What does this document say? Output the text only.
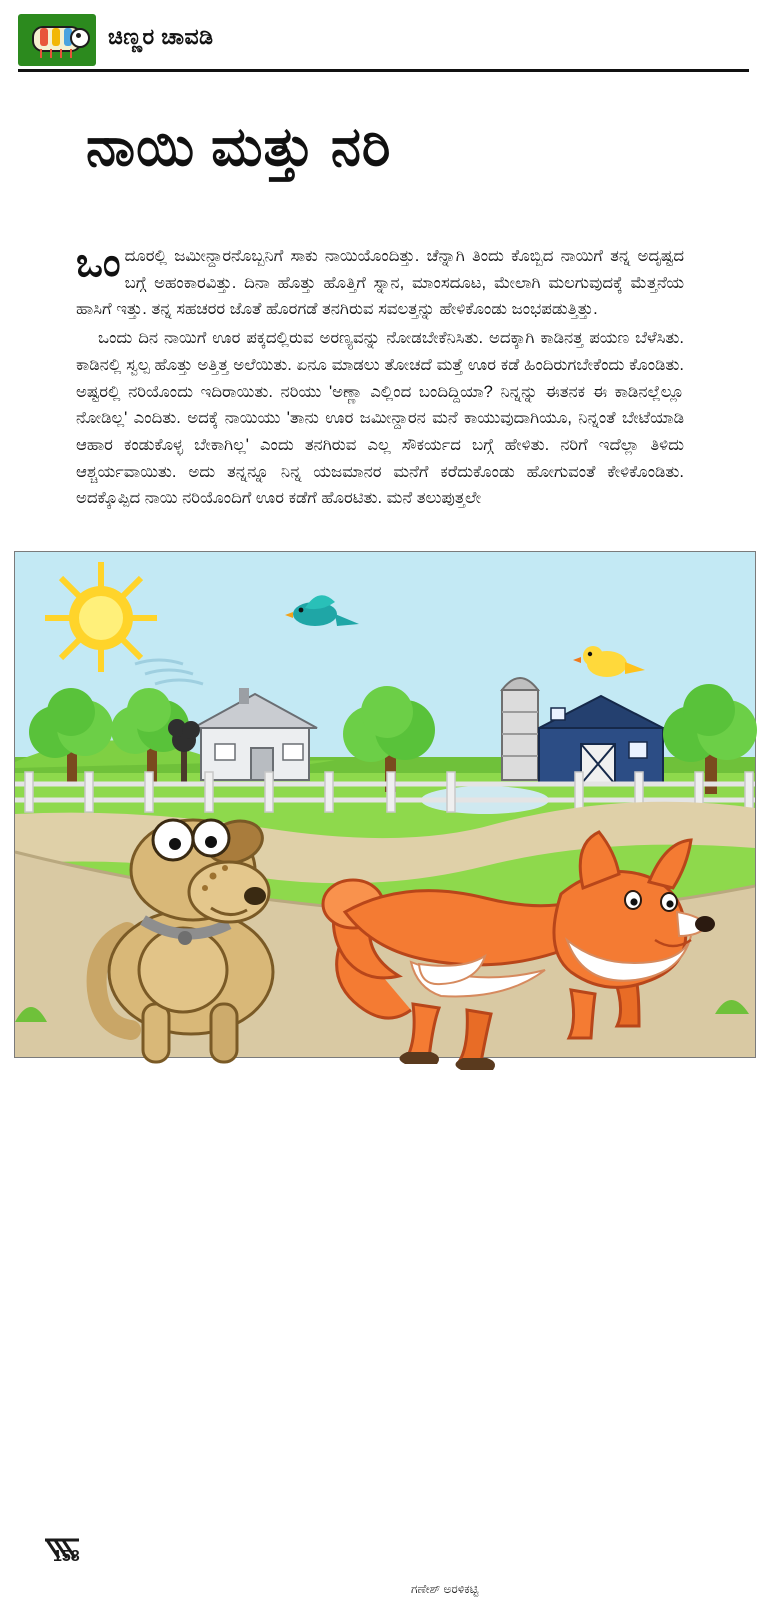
ಚಿಣ್ಣರ ಚಾವಡಿ
ನಾಯಿ ಮತ್ತು ನರಿ

ಒಂದೂರಲ್ಲಿ ಜಮೀನ್ದಾರನೊಬ್ಬನಿಗೆ ಸಾಕು ನಾಯಿಯೊಂದಿತ್ತು. ಚೆನ್ನಾಗಿ ತಿಂದು ಕೊಬ್ಬಿದ ನಾಯಿಗೆ ತನ್ನ ಅದೃಷ್ಟದ ಬಗ್ಗೆ ಅಹಂಕಾರವಿತ್ತು. ದಿನಾ ಹೊತ್ತು ಹೊತ್ತಿಗೆ ಸ್ನಾನ, ಮಾಂಸದೂಟ, ಮೇಲಾಗಿ ಮಲಗುವುದಕ್ಕೆ ಮೆತ್ತನೆಯ ಹಾಸಿಗೆ ಇತ್ತು. ತನ್ನ ಸಹಚರರ ಜೊತೆ ಹೊರಗಡೆ ತನಗಿರುವ ಸವಲತ್ತನ್ನು ಹೇಳಿಕೊಂಡು ಜಂಭಪಡುತ್ತಿತ್ತು.

ಒಂದು ದಿನ ನಾಯಿಗೆ ಊರ ಪಕ್ಕದಲ್ಲಿರುವ ಅರಣ್ಯವನ್ನು ನೋಡಬೇಕೆನಿಸಿತು. ಅದಕ್ಕಾಗಿ ಕಾಡಿನತ್ತ ಪಯಣ ಬೆಳೆಸಿತು. ಕಾಡಿನಲ್ಲಿ ಸ್ವಲ್ಪ ಹೊತ್ತು ಅತ್ತಿತ್ತ ಅಲೆಯಿತು. ಏನೂ ಮಾಡಲು ತೋಚದೆ ಮತ್ತೆ ಊರ ಕಡೆ ಹಿಂದಿರುಗಬೇಕೆಂದು ಕೊಂಡಿತು. ಅಷ್ಟರಲ್ಲಿ ನರಿಯೊಂದು ಇದಿರಾಯಿತು. ನರಿಯು 'ಅಣ್ಣಾ ಎಲ್ಲಿಂದ ಬಂದಿದ್ದಿಯಾ? ನಿನ್ನನ್ನು ಈತನಕ ಈ ಕಾಡಿನಲ್ಲೆಲ್ಲೂ ನೋಡಿಲ್ಲ' ಎಂದಿತು. ಅದಕ್ಕೆ ನಾಯಿಯು 'ತಾನು ಊರ ಜಮೀನ್ದಾರನ ಮನೆ ಕಾಯುವುದಾಗಿಯೂ, ನಿನ್ನಂತೆ ಬೇಟೆಯಾಡಿ ಆಹಾರ ಕಂಡುಕೊಳ್ಳ ಬೇಕಾಗಿಲ್ಲ' ಎಂದು ತನಗಿರುವ ಎಲ್ಲ ಸೌಕರ್ಯದ ಬಗ್ಗೆ ಹೇಳಿತು. ನರಿಗೆ ಇದೆಲ್ಲಾ ತಿಳಿದು ಆಶ್ಚರ್ಯವಾಯಿತು. ಅದು ತನ್ನನ್ನೂ ನಿನ್ನ ಯಜಮಾನರ ಮನೆಗೆ ಕರೆದುಕೊಂಡು ಹೋಗುವಂತೆ ಕೇಳಿಕೊಂಡಿತು. ಅದಕ್ಕೊಪ್ಪಿದ ನಾಯಿ ನರಿಯೊಂದಿಗೆ ಊರ ಕಡೆಗೆ ಹೊರಟಿತು. ಮನೆ ತಲುಪುತ್ತಲೇ

158
ಗಣೇಶ್ ಅರಳಿಕಟ್ಟಿ
